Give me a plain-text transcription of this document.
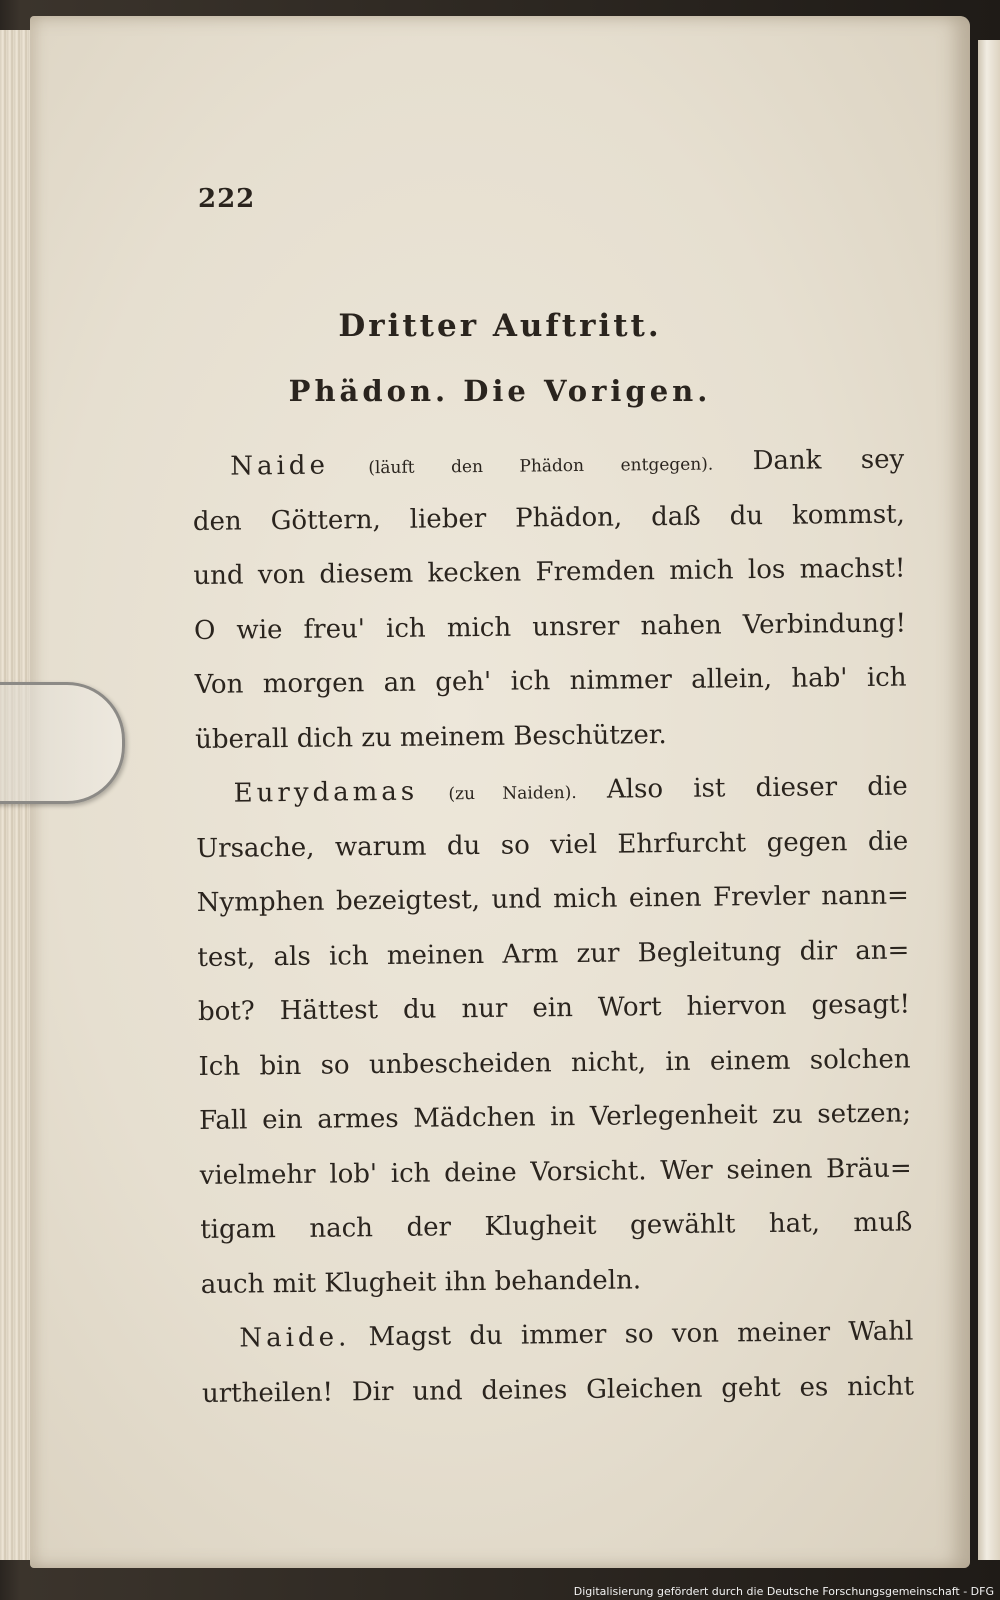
222
Dritter Auftritt.
Phädon. Die Vorigen.
Naide (läuft den Phädon entgegen). Dank sey
den Göttern, lieber Phädon, daß du kommst,
und von diesem kecken Fremden mich los machst!
O wie freu' ich mich unsrer nahen Verbindung!
Von morgen an geh' ich nimmer allein, hab' ich
überall dich zu meinem Beschützer.
Eurydamas (zu Naiden). Also ist dieser die
Ursache, warum du so viel Ehrfurcht gegen die
Nymphen bezeigtest, und mich einen Frevler nann=
test, als ich meinen Arm zur Begleitung dir an=
bot? Hättest du nur ein Wort hiervon gesagt!
Ich bin so unbescheiden nicht, in einem solchen
Fall ein armes Mädchen in Verlegenheit zu setzen;
vielmehr lob' ich deine Vorsicht. Wer seinen Bräu=
tigam nach der Klugheit gewählt hat, muß
auch mit Klugheit ihn behandeln.
Naide. Magst du immer so von meiner Wahl
urtheilen! Dir und deines Gleichen geht es nicht
Digitalisierung gefördert durch die Deutsche Forschungsgemeinschaft - DFG
